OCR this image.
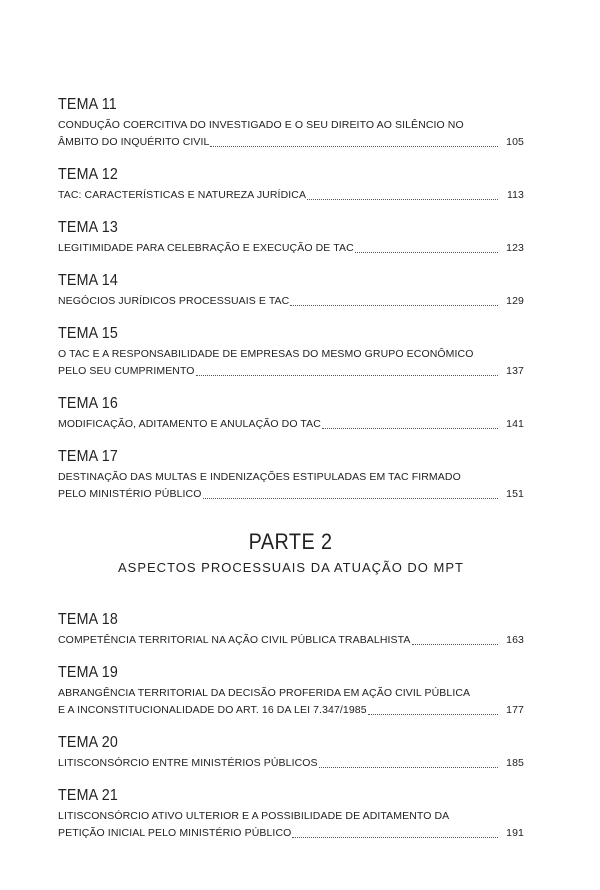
TEMA 11
CONDUÇÃO COERCITIVA DO INVESTIGADO E O SEU DIREITO AO SILÊNCIO NO
ÂMBITO DO INQUÉRITO CIVIL	105
TEMA 12
TAC: CARACTERÍSTICAS E NATUREZA JURÍDICA	113
TEMA 13
LEGITIMIDADE PARA CELEBRAÇÃO E EXECUÇÃO DE TAC	123
TEMA 14
NEGÓCIOS JURÍDICOS PROCESSUAIS E TAC	129
TEMA 15
O TAC E A RESPONSABILIDADE DE EMPRESAS DO MESMO GRUPO ECONÔMICO
PELO SEU CUMPRIMENTO	137
TEMA 16
MODIFICAÇÃO, ADITAMENTO E ANULAÇÃO DO TAC	141
TEMA 17
DESTINAÇÃO DAS MULTAS E INDENIZAÇÕES ESTIPULADAS EM TAC FIRMADO
PELO MINISTÉRIO PÚBLICO	151
PARTE 2
ASPECTOS PROCESSUAIS DA ATUAÇÃO DO MPT
TEMA 18
COMPETÊNCIA TERRITORIAL NA AÇÃO CIVIL PÚBLICA TRABALHISTA	163
TEMA 19
ABRANGÊNCIA TERRITORIAL DA DECISÃO PROFERIDA EM AÇÃO CIVIL PÚBLICA
E A INCONSTITUCIONALIDADE DO ART. 16 DA LEI 7.347/1985	177
TEMA 20
LITISCONSÓRCIO ENTRE MINISTÉRIOS PÚBLICOS	185
TEMA 21
LITISCONSÓRCIO ATIVO ULTERIOR E A POSSIBILIDADE DE ADITAMENTO DA
PETIÇÃO INICIAL PELO MINISTÉRIO PÚBLICO	191
